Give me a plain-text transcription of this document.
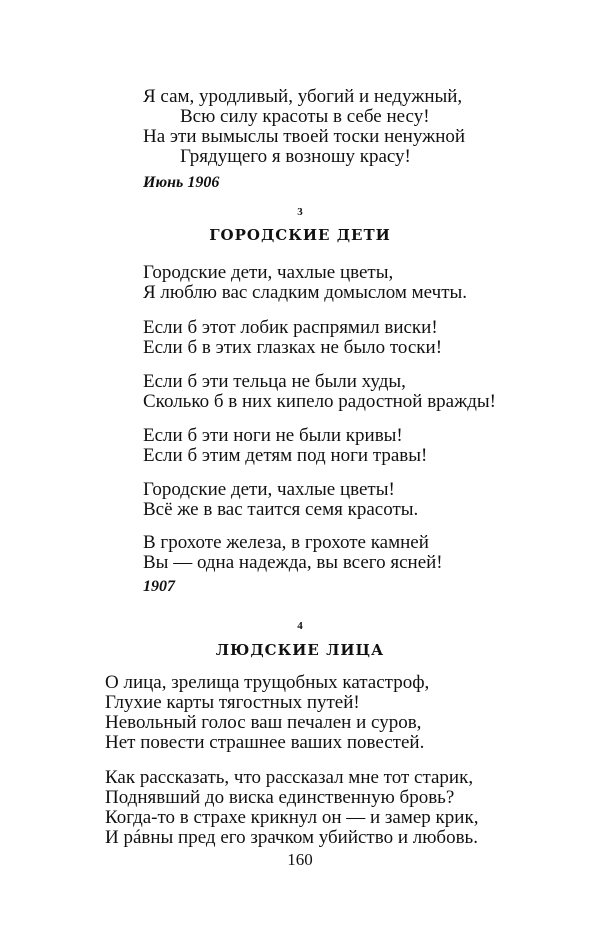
Я сам, уродливый, убогий и недужный,
Всю силу красоты в себе несу!
На эти вымыслы твоей тоски ненужной
Грядущего я возношу красу!
Июнь 1906
3
ГОРОДСКИЕ ДЕТИ
Городские дети, чахлые цветы,
Я люблю вас сладким домыслом мечты.
Если б этот лобик распрямил виски!
Если б в этих глазках не было тоски!
Если б эти тельца не были худы,
Сколько б в них кипело радостной вражды!
Если б эти ноги не были кривы!
Если б этим детям под ноги травы!
Городские дети, чахлые цветы!
Всё же в вас таится семя красоты.
В грохоте железа, в грохоте камней
Вы — одна надежда, вы всего ясней!
1907
4
ЛЮДСКИЕ ЛИЦА
О лица, зрелища трущобных катастроф,
Глухие карты тягостных путей!
Невольный голос ваш печален и суров,
Нет повести страшнее ваших повестей.
Как рассказать, что рассказал мне тот старик,
Поднявший до виска единственную бровь?
Когда-то в страхе крикнул он — и замер крик,
И рáвны пред его зрачком убийство и любовь.
160
